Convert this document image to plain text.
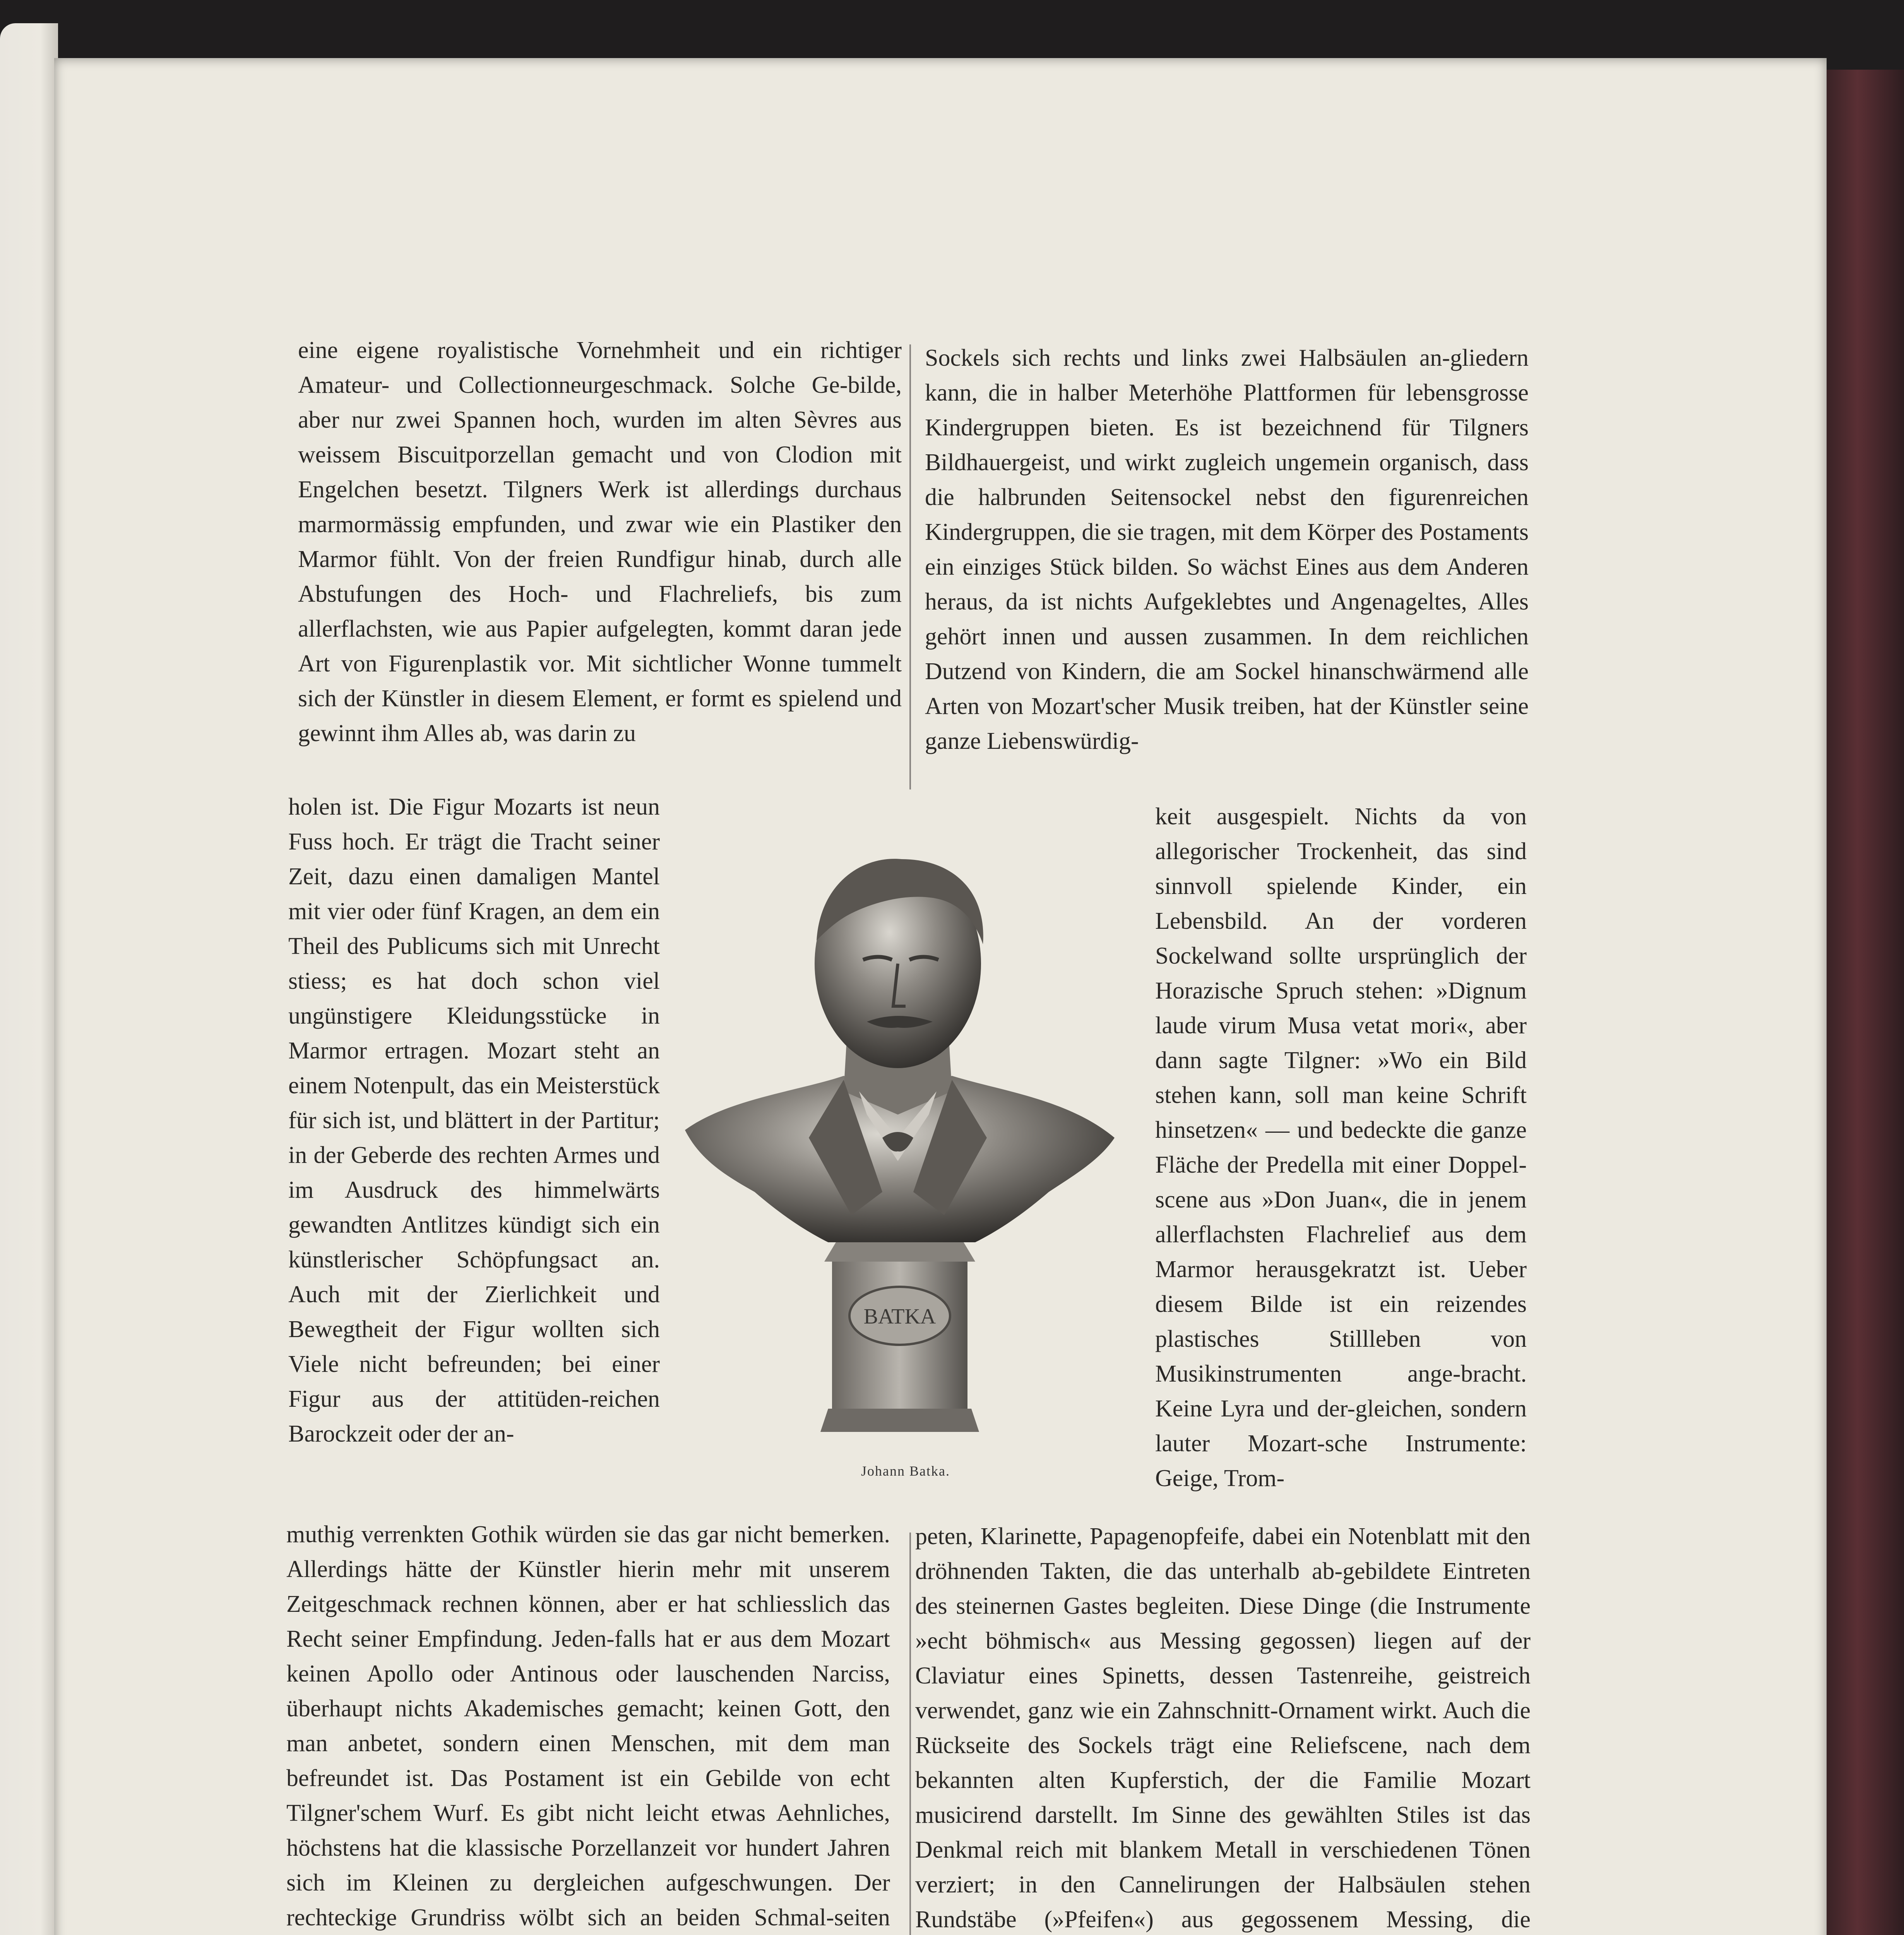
eine eigene royalistische Vornehmheit und ein richtiger Amateur- und Collectionneurgeschmack. Solche Ge-bilde, aber nur zwei Spannen hoch, wurden im alten Sèvres aus weissem Biscuitporzellan gemacht und von Clodion mit Engelchen besetzt. Tilgners Werk ist allerdings durchaus marmormässig empfunden, und zwar wie ein Plastiker den Marmor fühlt. Von der freien Rundfigur hinab, durch alle Abstufungen des Hoch- und Flachreliefs, bis zum allerflachsten, wie aus Papier aufgelegten, kommt daran jede Art von Figurenplastik vor. Mit sichtlicher Wonne tummelt sich der Künstler in diesem Element, er formt es spielend und gewinnt ihm Alles ab, was darin zu

holen ist. Die Figur Mozarts ist neun Fuss hoch. Er trägt die Tracht seiner Zeit, dazu einen damaligen Mantel mit vier oder fünf Kragen, an dem ein Theil des Publicums sich mit Unrecht stiess; es hat doch schon viel ungünstigere Kleidungsstücke in Marmor ertragen. Mozart steht an einem Notenpult, das ein Meisterstück für sich ist, und blättert in der Partitur; in der Geberde des rechten Armes und im Ausdruck des himmelwärts gewandten Antlitzes kündigt sich ein künstlerischer Schöpfungsact an. Auch mit der Zierlichkeit und Bewegtheit der Figur wollten sich Viele nicht befreunden; bei einer Figur aus der attitüden-reichen Barockzeit oder der an-

muthig verrenkten Gothik würden sie das gar nicht bemerken. Allerdings hätte der Künstler hierin mehr mit unserem Zeitgeschmack rechnen können, aber er hat schliesslich das Recht seiner Empfindung. Jeden-falls hat er aus dem Mozart keinen Apollo oder Antinous oder lauschenden Narciss, überhaupt nichts Akademisches gemacht; keinen Gott, den man anbetet, sondern einen Menschen, mit dem man befreundet ist. Das Postament ist ein Gebilde von echt Tilgner'schem Wurf. Es gibt nicht leicht etwas Aehnliches, höchstens hat die klassische Porzellanzeit vor hundert Jahren sich im Kleinen zu dergleichen aufgeschwungen. Der rechteckige Grundriss wölbt sich an beiden Schmal-seiten

Sockels sich rechts und links zwei Halbsäulen an-gliedern kann, die in halber Meterhöhe Plattformen für lebensgrosse Kindergruppen bieten. Es ist bezeichnend für Tilgners Bildhauergeist, und wirkt zugleich ungemein organisch, dass die halbrunden Seitensockel nebst den figurenreichen Kindergruppen, die sie tragen, mit dem Körper des Postaments ein einziges Stück bilden. So wächst Eines aus dem Anderen heraus, da ist nichts Aufgeklebtes und Angenageltes, Alles gehört innen und aussen zusammen. In dem reichlichen Dutzend von Kindern, die am Sockel hinanschwärmend alle Arten von Mozart'scher Musik treiben, hat der Künstler seine ganze Liebenswürdig-

keit ausgespielt. Nichts da von allegorischer Trockenheit, das sind sinnvoll spielende Kinder, ein Lebensbild. An der vorderen Sockelwand sollte ursprünglich der Horazische Spruch stehen: »Dignum laude virum Musa vetat mori«, aber dann sagte Tilgner: »Wo ein Bild stehen kann, soll man keine Schrift hinsetzen« — und bedeckte die ganze Fläche der Predella mit einer Doppel-scene aus »Don Juan«, die in jenem allerflachsten Flachrelief aus dem Marmor herausgekratzt ist. Ueber diesem Bilde ist ein reizendes plastisches Stillleben von Musikinstrumenten ange-bracht. Keine Lyra und der-gleichen, sondern lauter Mozart-sche Instrumente: Geige, Trom-

peten, Klarinette, Papagenopfeife, dabei ein Notenblatt mit den dröhnenden Takten, die das unterhalb ab-gebildete Eintreten des steinernen Gastes begleiten. Diese Dinge (die Instrumente »echt böhmisch« aus Messing gegossen) liegen auf der Claviatur eines Spinetts, dessen Tastenreihe, geistreich verwendet, ganz wie ein Zahnschnitt-Ornament wirkt. Auch die Rückseite des Sockels trägt eine Reliefscene, nach dem bekannten alten Kupferstich, der die Familie Mozart musicirend darstellt. Im Sinne des gewählten Stiles ist das Denkmal reich mit blankem Metall in verschiedenen Tönen verziert; in den Cannelirungen der Halbsäulen stehen Rundstäbe (»Pfeifen«) aus gegossenem Messing, die

BATKA
Johann Batka.
